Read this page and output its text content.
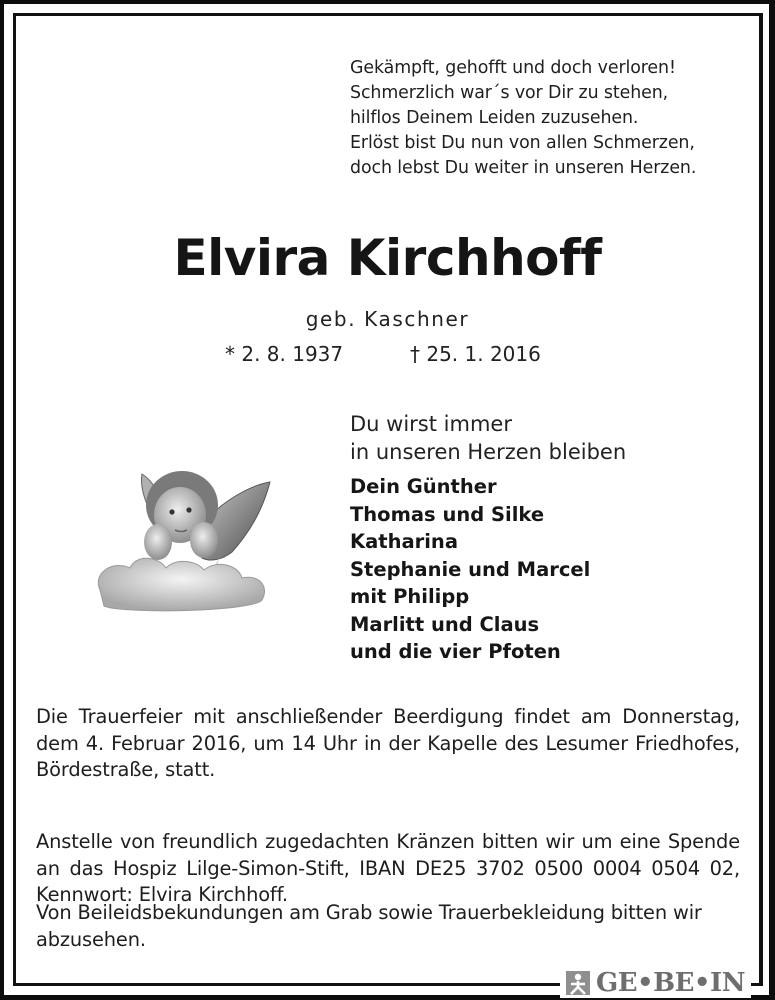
Gekämpft, gehofft und doch verloren!
Schmerzlich war´s vor Dir zu stehen,
hilflos Deinem Leiden zuzusehen.
Erlöst bist Du nun von allen Schmerzen,
doch lebst Du weiter in unseren Herzen.
Elvira Kirchhoff
geb. Kaschner
* 2. 8. 1937	† 25. 1. 2016
Du wirst immer
in unseren Herzen bleiben
Dein Günther
Thomas und Silke
Katharina
Stephanie und Marcel
mit Philipp
Marlitt und Claus
und die vier Pfoten
Die Trauerfeier mit anschließender Beerdigung findet am Donnerstag, dem 4. Februar 2016, um 14 Uhr in der Kapelle des Lesumer Friedhofes, Bördestraße, statt.
Anstelle von freundlich zugedachten Kränzen bitten wir um eine Spende an das Hospiz Lilge-Simon-Stift, IBAN DE25 3702 0500 0004 0504 02, Kennwort: Elvira Kirchhoff.
Von Beileidsbekundungen am Grab sowie Trauerbekleidung bitten wir abzusehen.
GE•BE•IN
